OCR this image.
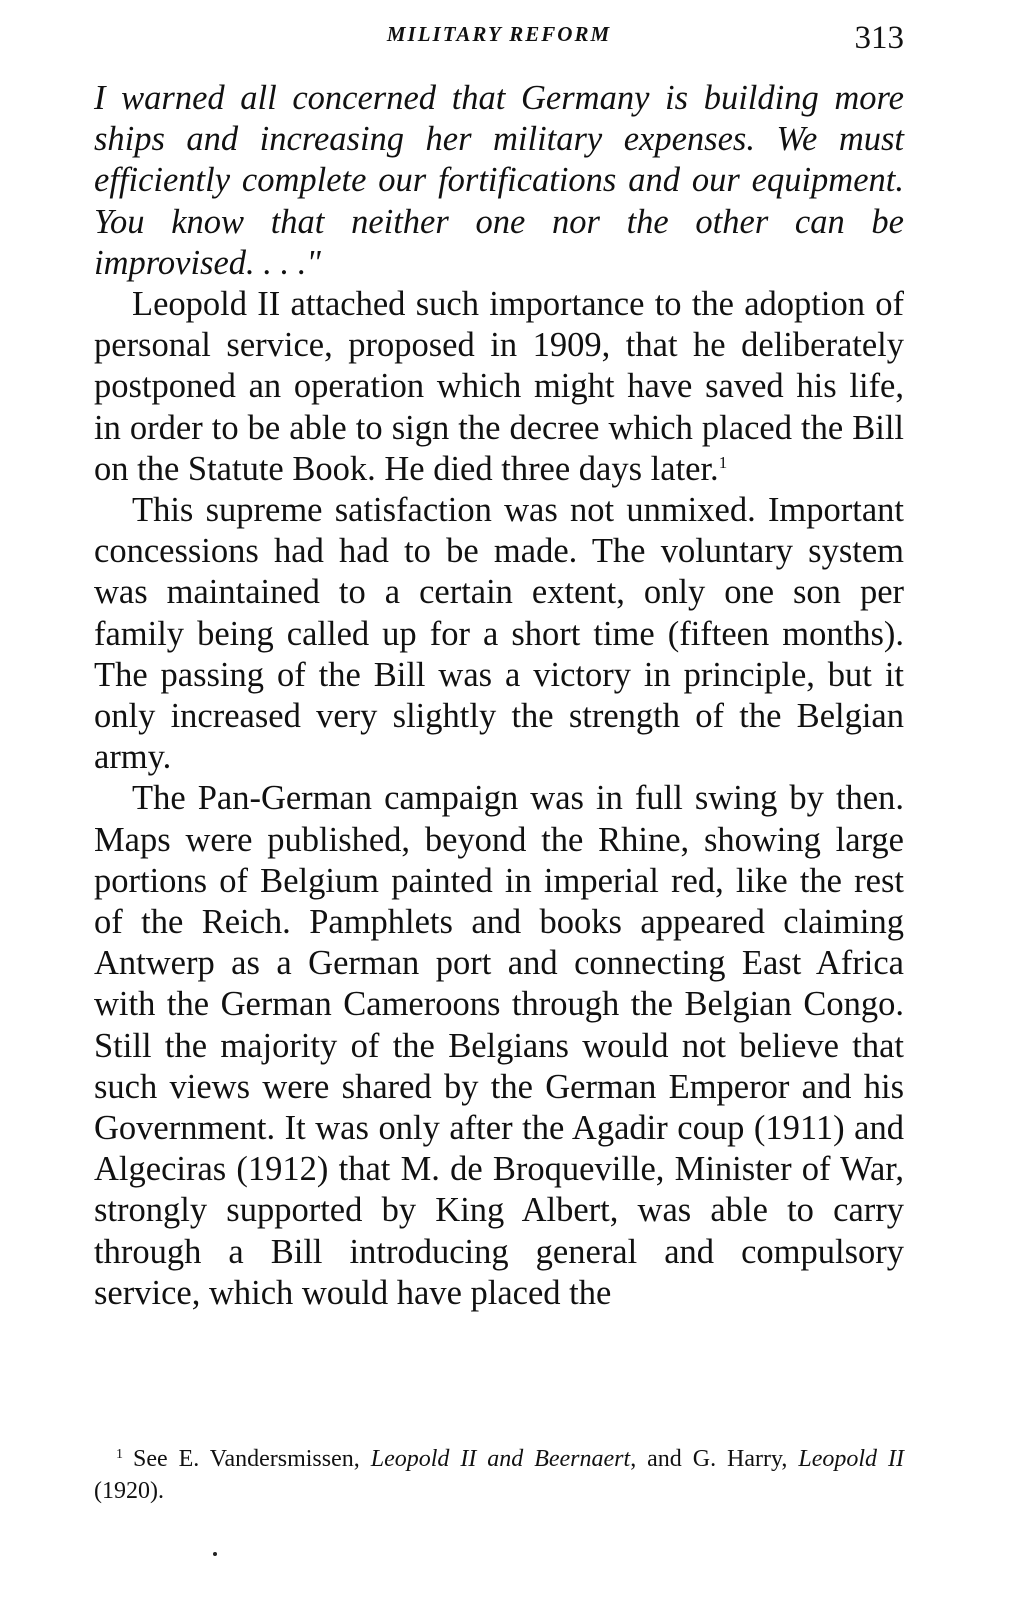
MILITARY REFORM	313

I warned all concerned that Germany is building more ships and increasing her military expenses. We must efficiently complete our fortifications and our equipment. You know that neither one nor the other can be improvised. . . ."

Leopold II attached such importance to the adoption of personal service, proposed in 1909, that he deliberately postponed an operation which might have saved his life, in order to be able to sign the decree which placed the Bill on the Statute Book. He died three days later.$^1$

This supreme satisfaction was not unmixed. Important concessions had had to be made. The voluntary system was maintained to a certain extent, only one son per family being called up for a short time (fifteen months). The passing of the Bill was a victory in principle, but it only increased very slightly the strength of the Belgian army.

The Pan-German campaign was in full swing by then. Maps were published, beyond the Rhine, showing large portions of Belgium painted in imperial red, like the rest of the Reich. Pamphlets and books appeared claiming Antwerp as a German port and connecting East Africa with the German Cameroons through the Belgian Congo. Still the majority of the Belgians would not believe that such views were shared by the German Emperor and his Government. It was only after the Agadir coup (1911) and Algeciras (1912) that M. de Broqueville, Minister of War, strongly supported by King Albert, was able to carry through a Bill introducing general and compulsory service, which would have placed the

$^1$ See E. Vandersmissen, Leopold II and Beernaert, and G. Harry, Leopold II (1920).
